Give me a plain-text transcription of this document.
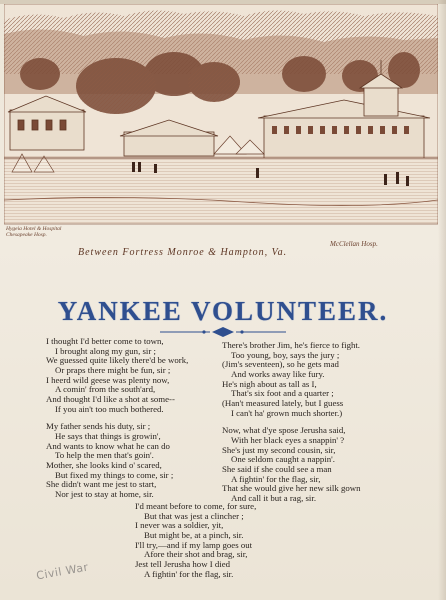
Hygeia Hotel & Hospital
Chesapeake Hosp.
McClellan Hosp.
Between Fortress Monroe & Hampton, Va.
YANKEE VOLUNTEER.
I thought I'd better come to town,
I brought along my gun, sir ;
We guessed quite likely there'd be work,
Or praps there might be fun, sir ;
I heerd wild geese was plenty now,
A comin' from the south'ard,
And thought I'd like a shot at some--
If you ain't too much bothered.
My father sends his duty, sir ;
He says that things is growin',
And wants to know what he can do
To help the men that's goin'.
Mother, she looks kind o' scared,
But fixed my things to come, sir ;
She didn't want me jest to start,
Nor jest to stay at home, sir.
There's brother Jim, he's fierce to fight.
Too young, boy, says the jury ;
(Jim's seventeen), so he gets mad
And works away like fury.
He's nigh about as tall as I,
That's six foot and a quarter ;
(Han't measured lately, but I guess
I can't ha' grown much shorter.)
Now, what d'ye spose Jerusha said,
With her black eyes a snappin' ?
She's just my second cousin, sir,
One seldom caught a nappin'.
She said if she could see a man
A fightin' for the flag, sir,
That she would give her new silk gown
And call it but a rag, sir.
I'd meant before to come, for sure,
But that was jest a clincher ;
I never was a soldier, yit,
But might be, at a pinch, sir.
I'll try,—and if my lamp goes out
Afore their shot and brag, sir,
Jest tell Jerusha how I died
A fightin' for the flag, sir.
Civil War
